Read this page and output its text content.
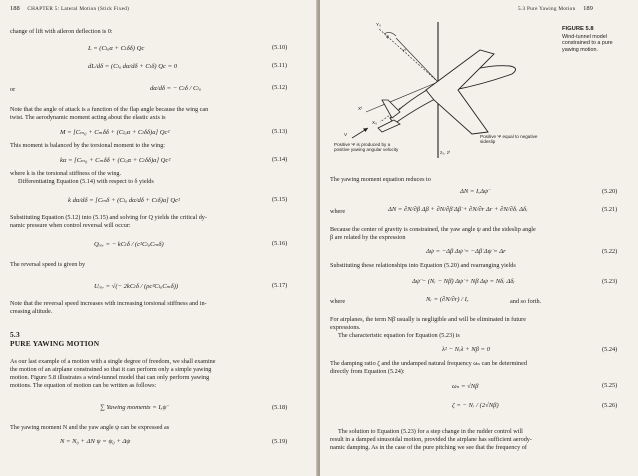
188 CHAPTER 5: Lateral Motion (Stick Fixed)
change of lift with aileron deflection is 0:
L = (Cₗₐα + Cₗδδ) Qc	(5.10)
dL/dδ = (Cₗₐ dα/dδ + Cₗδ) Qc = 0	(5.11)
or	dα/dδ = − Cₗδ / Cₗₐ	(5.12)
Note that the angle of attack is a function of the flap angle because the wing can
twist. The aerodynamic moment acting about the elastic axis is
M = [Cₘ₀ + Cₘδδ + (Cₗₐα + Cₗδδ)a] Qc²	(5.13)
This moment is balanced by the torsional moment to the wing:
kα = [Cₘ₀ + Cₘδδ + (Cₗₐα + Cₗδδ)a] Qc²	(5.14)
where k is the torsional stiffness of the wing.
Differentiating Equation (5.14) with respect to δ yields
k dα/dδ = [Cₘδ + (Cₗₐ dα/dδ + Cₗδ)a] Qc²	(5.15)
Substituting Equation (5.12) into (5.15) and solving for Q yields the critical dy-
namic pressure when control reversal will occur:
Qᵣₑᵥ = − kCₗδ / (c²CₗₐCₘδ)	(5.16)
The reversal speed is given by
Uᵣₑᵥ = √(− 2kCₗδ / (ρc²CₗₐCₘδ))	(5.17)
Note that the reversal speed increases with increasing torsional stiffness and in-
creasing altitude.
5.3
PURE YAWING MOTION
As our last example of a motion with a single degree of freedom, we shall examine
the motion of an airplane constrained so that it can perform only a simple yawing
motion. Figure 5.8 illustrates a wind-tunnel model that can only perform yawing
motions. The equation of motion can be written as follows:
∑ Yawing moments = Iₓψ̈	(5.18)
The yawing moment N and the yaw angle ψ can be expressed as
N = N₀ + ΔN ψ = ψ₀ + Δψ	(5.19)
5.3 Pure Yawing Motion 189
Y₀
ψ
Yᶠ
Xᶠ
X₀
V
z₀, zᶠ
FIGURE 5.8
Wind-tunnel model constrained to a pure yawing motion.
Positive Ψ equal to negative sideslip
Positive Ψ is produced by a positive yawing angular velocity
The yawing moment equation reduces to
ΔN = IₓΔψ̈	(5.20)
where	ΔN = ∂N/∂β Δβ + ∂N/∂β̇ Δβ̇ + ∂N/∂r Δr + ∂N/∂δᵣ Δδᵣ	(5.21)
Because the center of gravity is constrained, the yaw angle ψ and the sideslip angle
β are related by the expression
Δψ = −Δβ Δψ̇ = −Δβ̇ Δψ̇ = Δr	(5.22)
Substituting these relationships into Equation (5.20) and rearranging yields
Δψ̈ − (Nᵣ − Nβ̇) Δψ̇ + Nβ Δψ = Nδᵣ Δδᵣ	(5.23)
where	Nᵣ = (∂N/∂r) / Iₓ	and so forth.
For airplanes, the term Nβ̇ usually is negligible and will be eliminated in future
expressions.
The characteristic equation for Equation (5.23) is
λ² − Nᵣλ + Nβ = 0	(5.24)
The damping ratio ζ and the undamped natural frequency ωₙ can be determined
directly from Equation (5.24):
ωₙ = √Nβ	(5.25)
ζ = − Nᵣ / (2√Nβ)	(5.26)
The solution to Equation (5.23) for a step change in the rudder control will
result in a damped sinusoidal motion, provided the airplane has sufficient aerody-
namic damping. As in the case of the pure pitching we see that the frequency of
